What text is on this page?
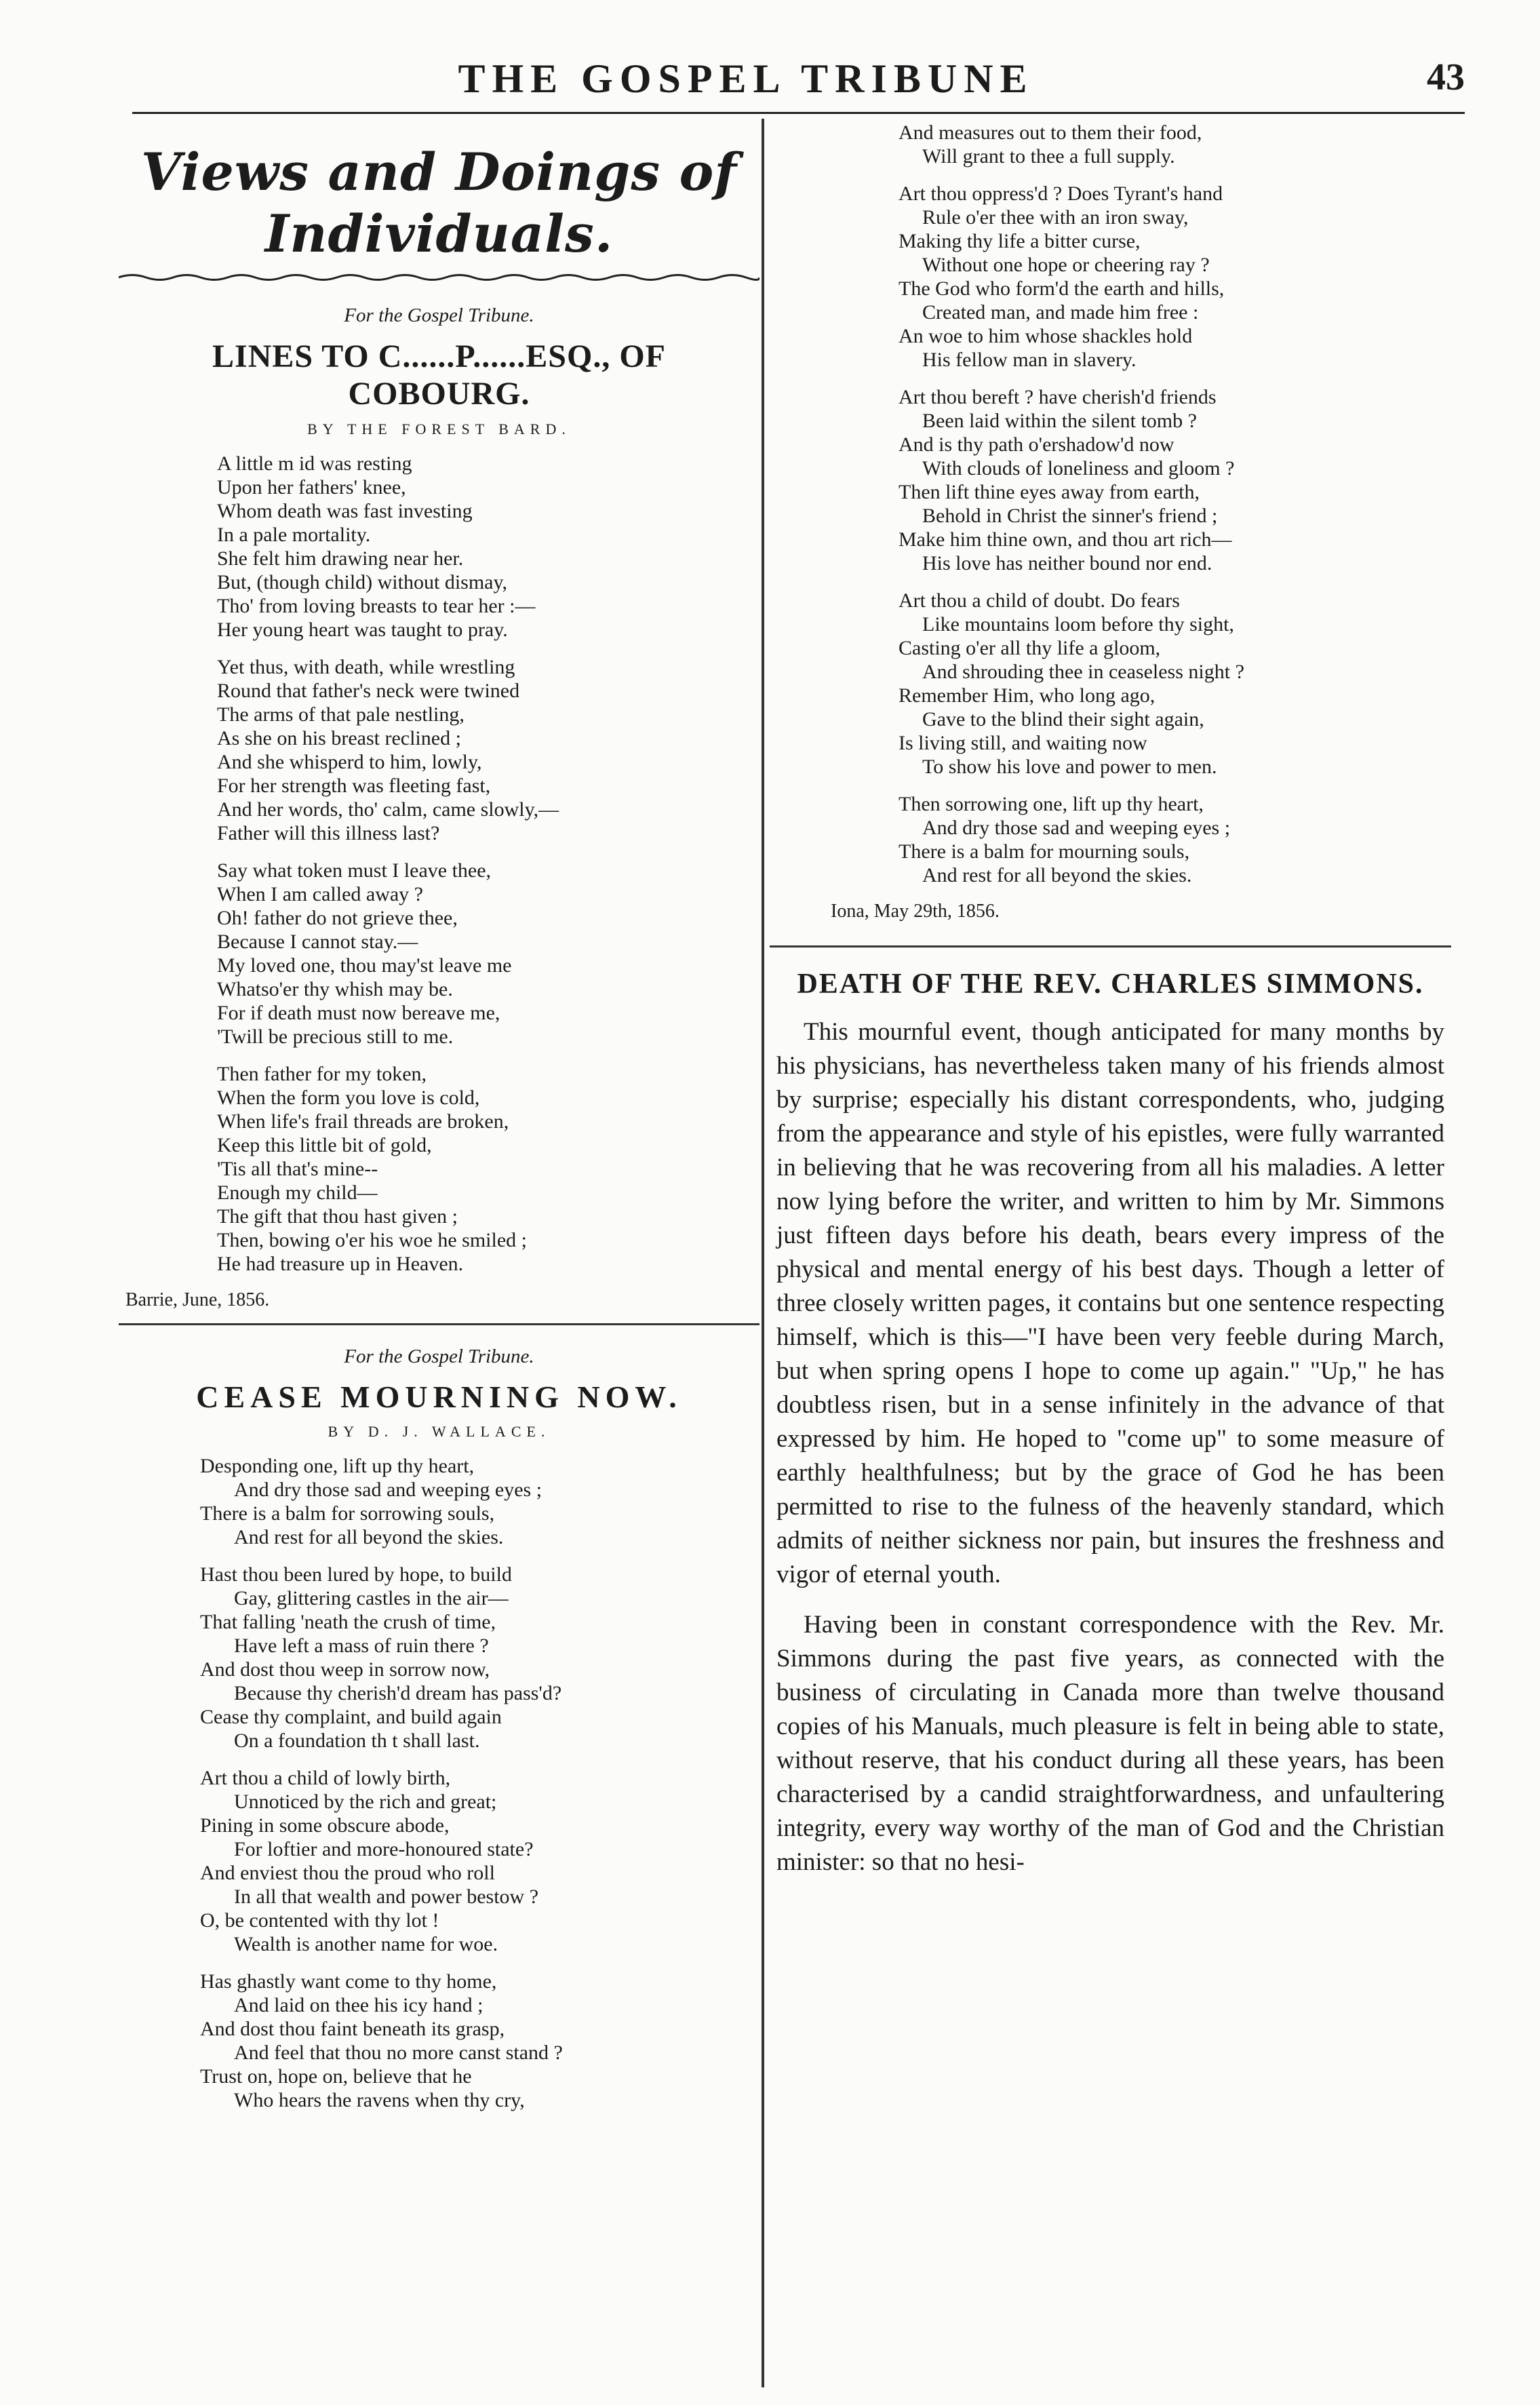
THE GOSPEL TRIBUNE	43
Views and Doings of Individuals.
For the Gospel Tribune.
LINES TO C......P......ESQ., OF COBOURG.
BY THE FOREST BARD.
A little m id was resting
Upon her fathers' knee,
Whom death was fast investing
In a pale mortality.
She felt him drawing near her.
But, (though child) without dismay,
Tho' from loving breasts to tear her :—
Her young heart was taught to pray.
Yet thus, with death, while wrestling
Round that father's neck were twined
The arms of that pale nestling,
As she on his breast reclined ;
And she whisperd to him, lowly,
For her strength was fleeting fast,
And her words, tho' calm, came slowly,—
Father will this illness last?
Say what token must I leave thee,
When I am called away ?
Oh! father do not grieve thee,
Because I cannot stay.—
My loved one, thou may'st leave me
Whatso'er thy whish may be.
For if death must now bereave me,
'Twill be precious still to me.
Then father for my token,
When the form you love is cold,
When life's frail threads are broken,
Keep this little bit of gold,
'Tis all that's mine--
Enough my child—
The gift that thou hast given ;
Then, bowing o'er his woe he smiled ;
He had treasure up in Heaven.
Barrie, June, 1856.
For the Gospel Tribune.
CEASE MOURNING NOW.
BY D. J. WALLACE.
Desponding one, lift up thy heart,
And dry those sad and weeping eyes ;
There is a balm for sorrowing souls,
And rest for all beyond the skies.
Hast thou been lured by hope, to build
Gay, glittering castles in the air—
That falling 'neath the crush of time,
Have left a mass of ruin there ?
And dost thou weep in sorrow now,
Because thy cherish'd dream has pass'd?
Cease thy complaint, and build again
On a foundation th t shall last.
Art thou a child of lowly birth,
Unnoticed by the rich and great;
Pining in some obscure abode,
For loftier and more-honoured state?
And enviest thou the proud who roll
In all that wealth and power bestow ?
O, be contented with thy lot !
Wealth is another name for woe.
Has ghastly want come to thy home,
And laid on thee his icy hand ;
And dost thou faint beneath its grasp,
And feel that thou no more canst stand ?
Trust on, hope on, believe that he
Who hears the ravens when thy cry,
And measures out to them their food,
Will grant to thee a full supply.
Art thou oppress'd ? Does Tyrant's hand
Rule o'er thee with an iron sway,
Making thy life a bitter curse,
Without one hope or cheering ray ?
The God who form'd the earth and hills,
Created man, and made him free :
An woe to him whose shackles hold
His fellow man in slavery.
Art thou bereft ? have cherish'd friends
Been laid within the silent tomb ?
And is thy path o'ershadow'd now
With clouds of loneliness and gloom ?
Then lift thine eyes away from earth,
Behold in Christ the sinner's friend ;
Make him thine own, and thou art rich—
His love has neither bound nor end.
Art thou a child of doubt. Do fears
Like mountains loom before thy sight,
Casting o'er all thy life a gloom,
And shrouding thee in ceaseless night ?
Remember Him, who long ago,
Gave to the blind their sight again,
Is living still, and waiting now
To show his love and power to men.
Then sorrowing one, lift up thy heart,
And dry those sad and weeping eyes ;
There is a balm for mourning souls,
And rest for all beyond the skies.
Iona, May 29th, 1856.
DEATH OF THE REV. CHARLES SIMMONS.

This mournful event, though anticipated for many months by his physicians, has nevertheless taken many of his friends almost by surprise; especially his distant correspondents, who, judging from the appearance and style of his epistles, were fully warranted in believing that he was recovering from all his maladies. A letter now lying before the writer, and written to him by Mr. Simmons just fifteen days before his death, bears every impress of the physical and mental energy of his best days. Though a letter of three closely written pages, it contains but one sentence respecting himself, which is this—"I have been very feeble during March, but when spring opens I hope to come up again." "Up," he has doubtless risen, but in a sense infinitely in the advance of that expressed by him. He hoped to "come up" to some measure of earthly healthfulness; but by the grace of God he has been permitted to rise to the fulness of the heavenly standard, which admits of neither sickness nor pain, but insures the freshness and vigor of eternal youth.

Having been in constant correspondence with the Rev. Mr. Simmons during the past five years, as connected with the business of circulating in Canada more than twelve thousand copies of his Manuals, much pleasure is felt in being able to state, without reserve, that his conduct during all these years, has been characterised by a candid straightforwardness, and unfaultering integrity, every way worthy of the man of God and the Christian minister: so that no hesi-
